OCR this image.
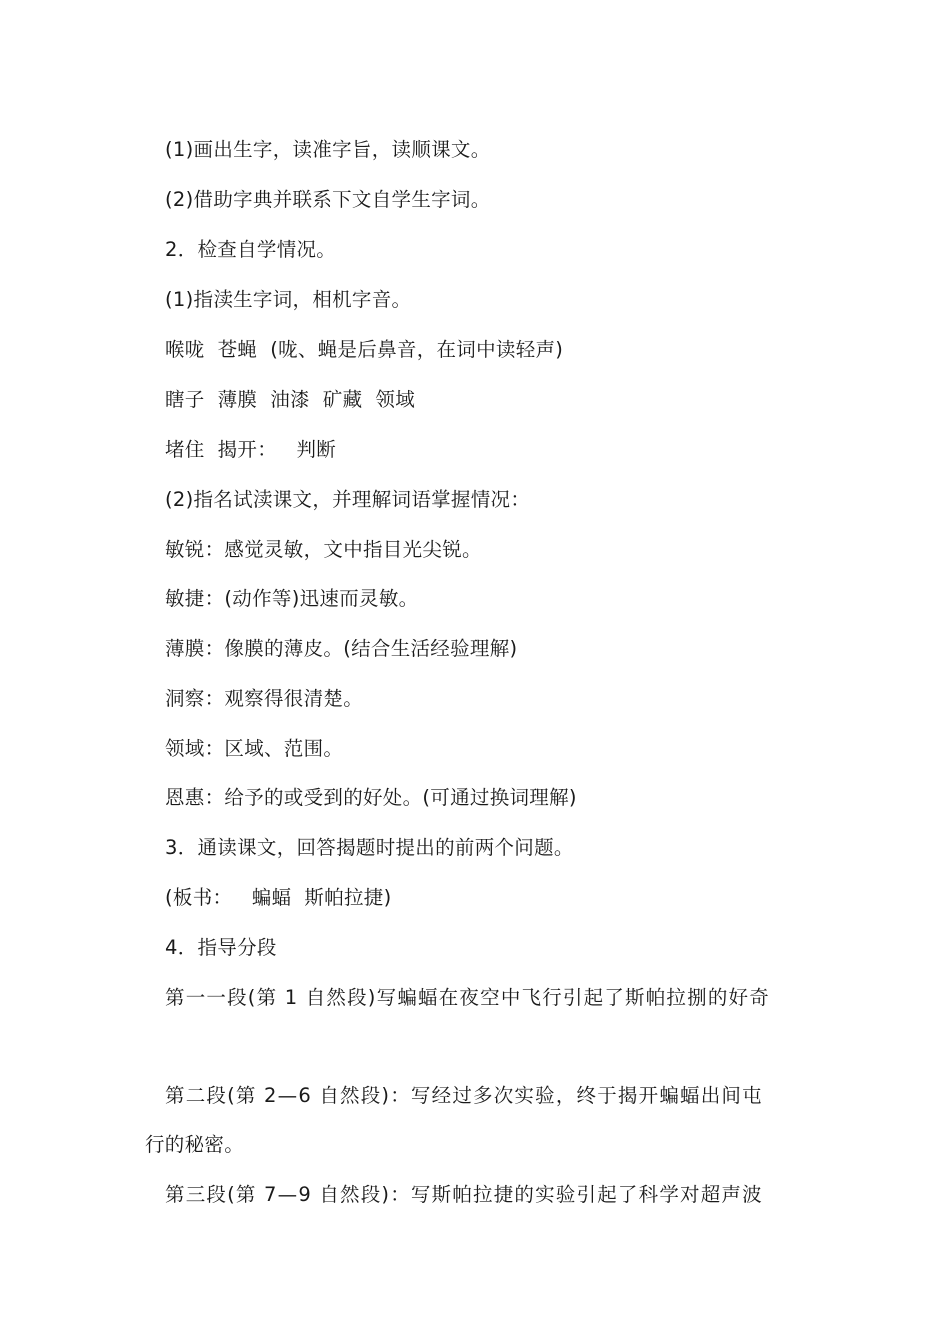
(1)画出生字，读准字旨，读顺课文。
(2)借助字典并联系下文自学生字词。
2．检查自学情况。
(1)指渎生字词，相机字音。
喉咙  苍蝇  (咙、蝇是后鼻音，在词中读轻声)
瞎子  薄膜  油漆  矿藏  领域
堵住  揭开：   判断
(2)指名试渎课文，并理解词语掌握情况：
敏锐：感觉灵敏，文中指目光尖锐。
敏捷：(动作等)迅速而灵敏。
薄膜：像膜的薄皮。(结合生活经验理解)
洞察：观察得很清楚。
领域：区域、范围。
恩惠：给予的或受到的好处。(可通过换词理解)
3．通读课文，回答揭题时提出的前两个问题。
(板书：   蝙蝠  斯帕拉捷)
4．指导分段
第一一段(第 1 自然段)写蝙蝠在夜空中飞行引起了斯帕拉捌的好奇
第二段(第 2—6 自然段)：写经过多次实验，终于揭开蝙蝠出间屯
行的秘密。
第三段(第 7—9 自然段)：写斯帕拉捷的实验引起了科学对超声波
